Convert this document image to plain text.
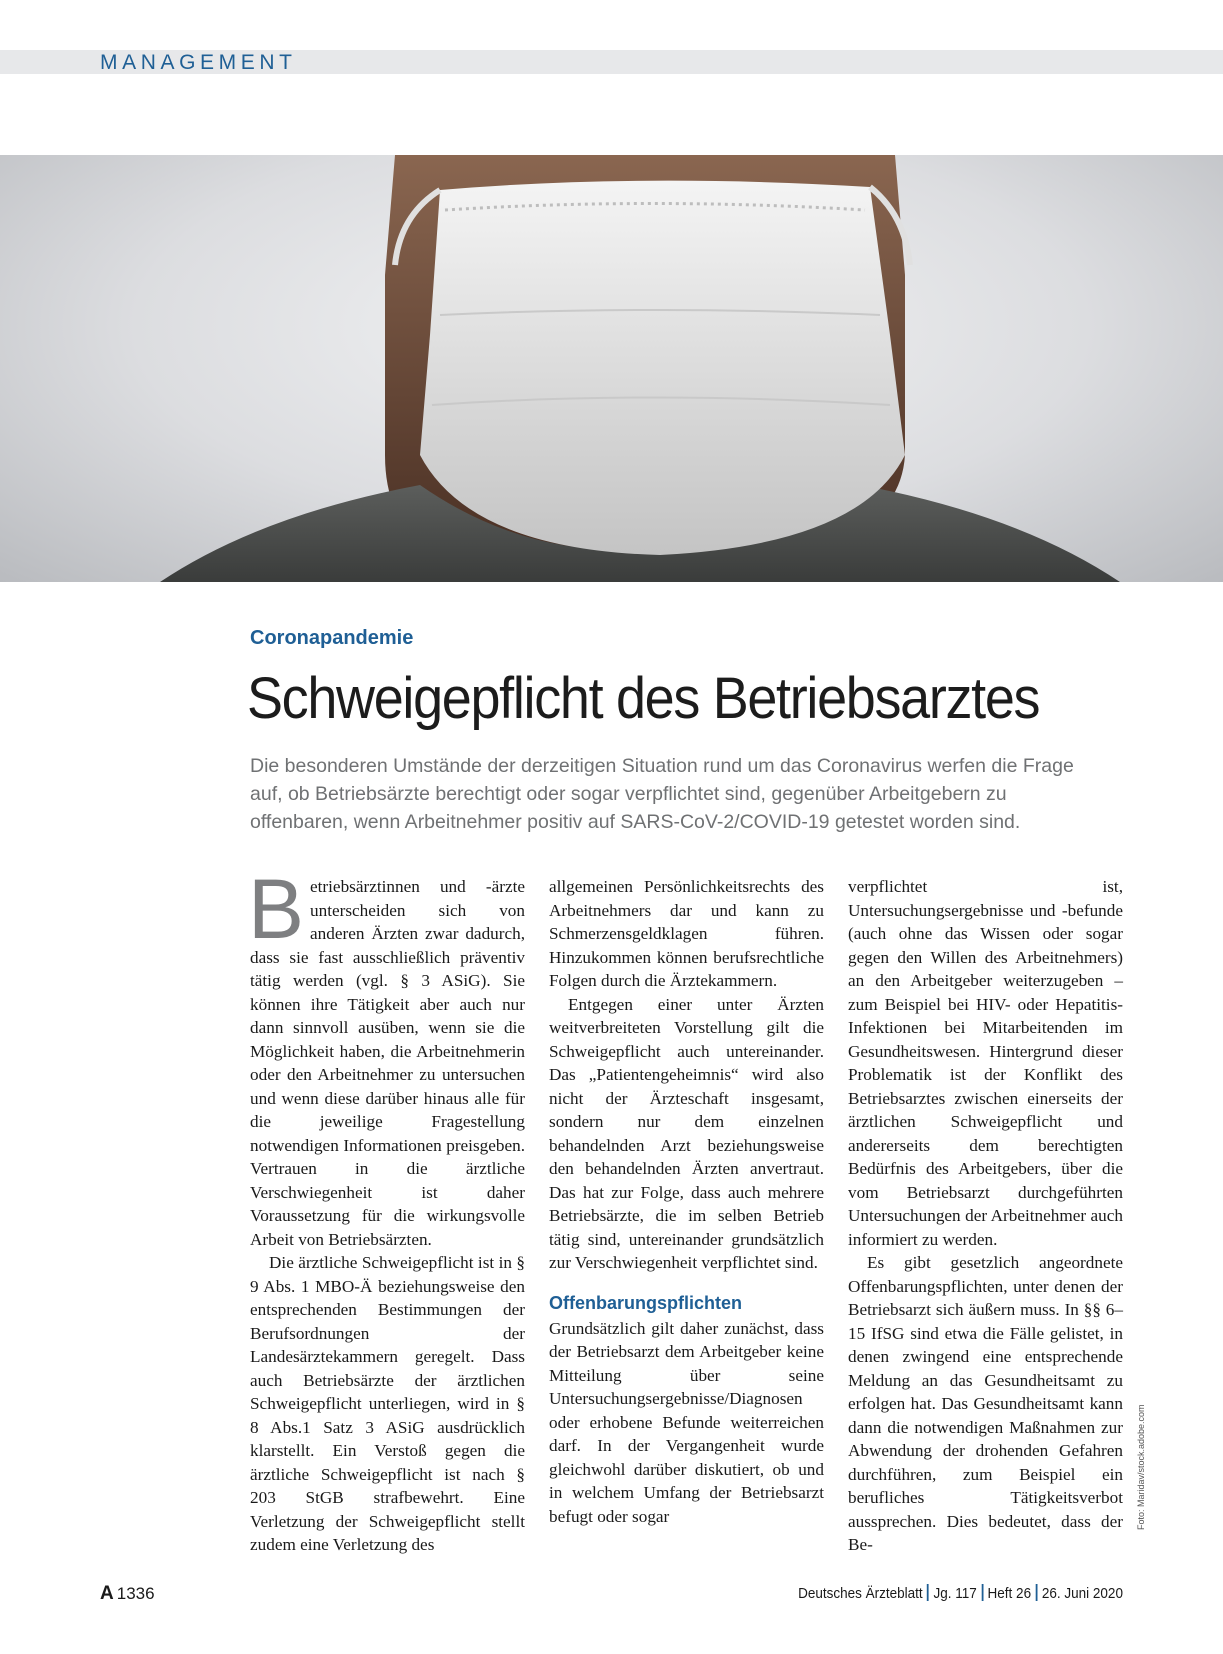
MANAGEMENT
Coronapandemie
Schweigepflicht des Betriebsarztes
Die besonderen Umstände der derzeitigen Situation rund um das Coronavirus werfen die Frage auf, ob Betriebsärzte berechtigt oder sogar verpflichtet sind, gegenüber Arbeitgebern zu offenbaren, wenn Arbeitnehmer positiv auf SARS-CoV-2/COVID-19 getestet worden sind.

B etriebsärztinnen und -ärzte unterscheiden sich von anderen Ärzten zwar dadurch, dass sie fast ausschließlich präventiv tätig werden (vgl. § 3 ASiG). Sie können ihre Tätigkeit aber auch nur dann sinnvoll ausüben, wenn sie die Möglichkeit haben, die Arbeitnehmerin oder den Arbeitnehmer zu untersuchen und wenn diese darüber hinaus alle für die jeweilige Fragestellung notwendigen Informationen preisgeben. Vertrauen in die ärztliche Verschwiegenheit ist daher Voraussetzung für die wirkungsvolle Arbeit von Betriebsärzten.

Die ärztliche Schweigepflicht ist in § 9 Abs. 1 MBO-Ä beziehungsweise den entsprechenden Bestimmungen der Berufsordnungen der Landesärztekammern geregelt. Dass auch Betriebsärzte der ärztlichen Schweigepflicht unterliegen, wird in § 8 Abs.1 Satz 3 ASiG ausdrücklich klarstellt. Ein Verstoß gegen die ärztliche Schweigepflicht ist nach § 203 StGB strafbewehrt. Eine Verletzung der Schweigepflicht stellt zudem eine Verletzung des

allgemeinen Persönlichkeitsrechts des Arbeitnehmers dar und kann zu Schmerzensgeldklagen führen. Hinzukommen können berufsrechtliche Folgen durch die Ärztekammern.

Entgegen einer unter Ärzten weitverbreiteten Vorstellung gilt die Schweigepflicht auch untereinander. Das „Patientengeheimnis“ wird also nicht der Ärzteschaft insgesamt, sondern nur dem einzelnen behandelnden Arzt beziehungsweise den behandelnden Ärzten anvertraut. Das hat zur Folge, dass auch mehrere Betriebsärzte, die im selben Betrieb tätig sind, untereinander grundsätzlich zur Verschwiegenheit verpflichtet sind.

Offenbarungspflichten

Grundsätzlich gilt daher zunächst, dass der Betriebsarzt dem Arbeitgeber keine Mitteilung über seine Untersuchungsergebnisse/Diagnosen oder erhobene Befunde weiterreichen darf. In der Vergangenheit wurde gleichwohl darüber diskutiert, ob und in welchem Umfang der Betriebsarzt befugt oder sogar

verpflichtet ist, Untersuchungsergebnisse und -befunde (auch ohne das Wissen oder sogar gegen den Willen des Arbeitnehmers) an den Arbeitgeber weiterzugeben – zum Beispiel bei HIV- oder Hepatitis- Infektionen bei Mitarbeitenden im Gesundheitswesen. Hintergrund dieser Problematik ist der Konflikt des Betriebsarztes zwischen einerseits der ärztlichen Schweigepflicht und andererseits dem berechtigten Bedürfnis des Arbeitgebers, über die vom Betriebsarzt durchgeführten Untersuchungen der Arbeitnehmer auch informiert zu werden.

Es gibt gesetzlich angeordnete Offenbarungspflichten, unter denen der Betriebsarzt sich äußern muss. In §§ 6–15 IfSG sind etwa die Fälle gelistet, in denen zwingend eine entsprechende Meldung an das Gesundheitsamt zu erfolgen hat. Das Gesundheitsamt kann dann die notwendigen Maßnahmen zur Abwendung der drohenden Gefahren durchführen, zum Beispiel ein berufliches Tätigkeitsverbot aussprechen. Dies bedeutet, dass der Be-

Foto: Maridav/stock.adobe.com
A 1336	Deutsches Ärzteblatt Jg. 117 Heft 26 26. Juni 2020
